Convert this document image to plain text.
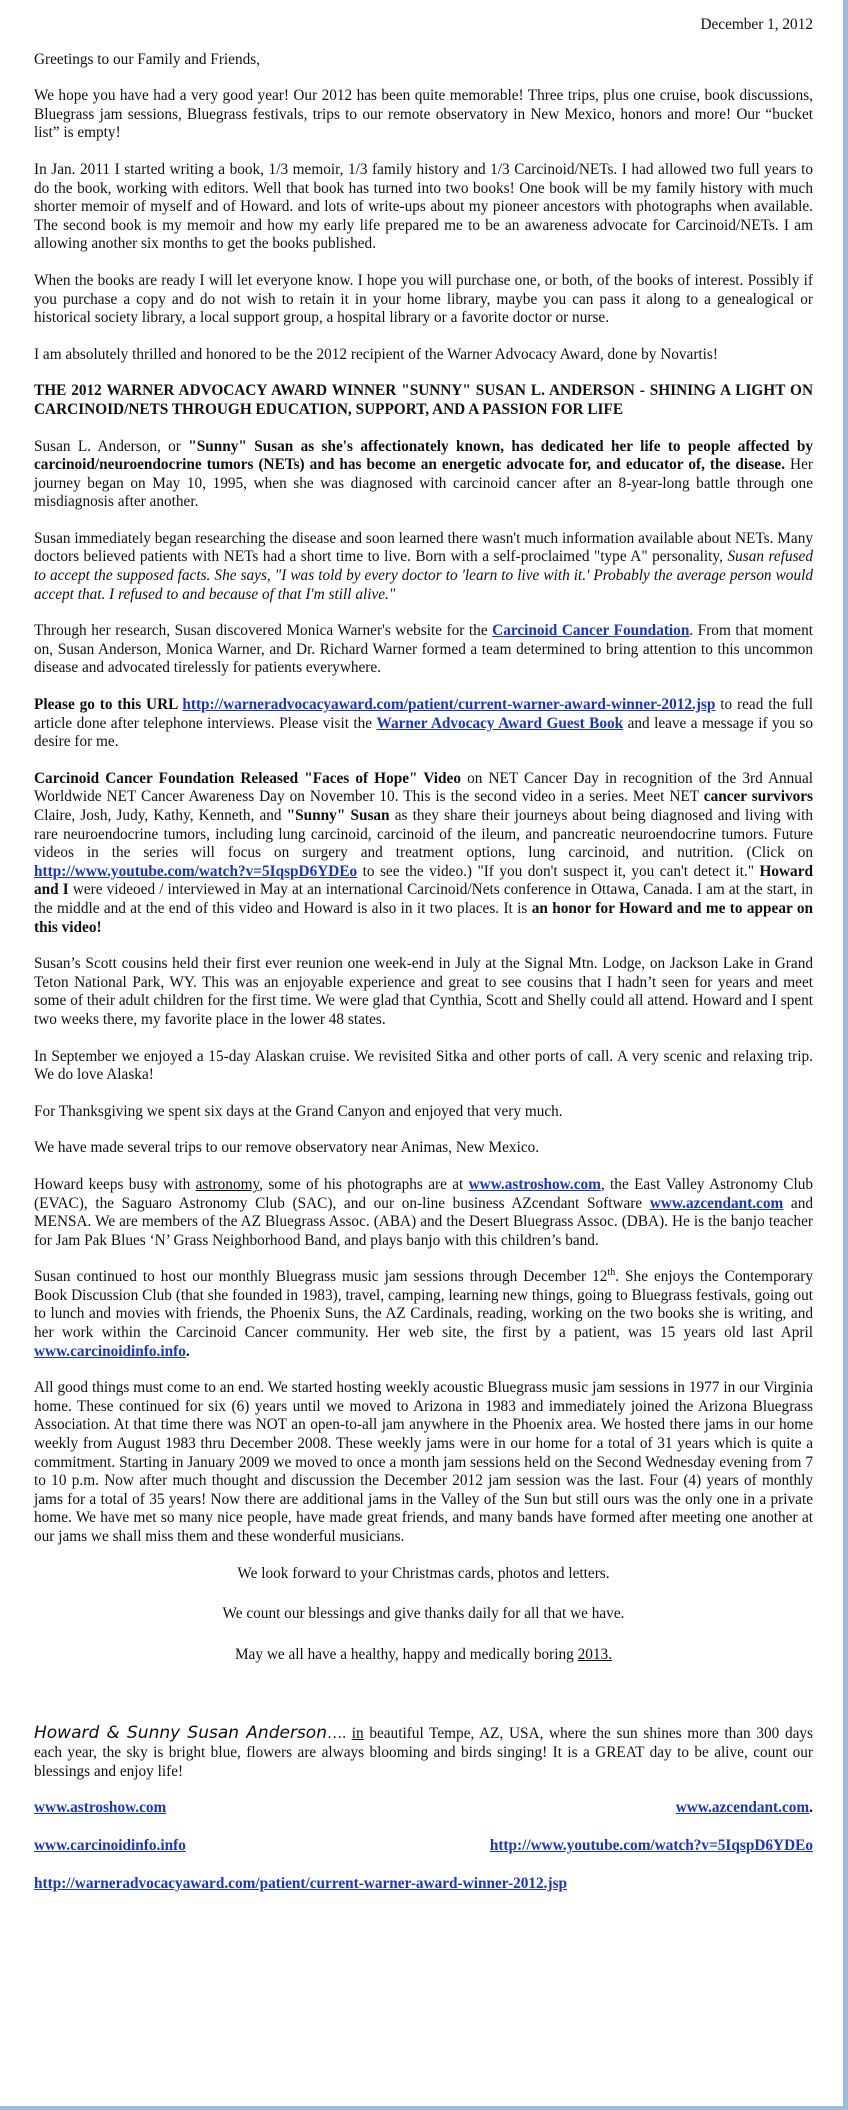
December 1, 2012

Greetings to our Family and Friends,

We hope you have had a very good year! Our 2012 has been quite memorable! Three trips, plus one cruise, book discussions, Bluegrass jam sessions, Bluegrass festivals, trips to our remote observatory in New Mexico, honors and more! Our “bucket list” is empty!

In Jan. 2011 I started writing a book, 1/3 memoir, 1/3 family history and 1/3 Carcinoid/NETs. I had allowed two full years to do the book, working with editors. Well that book has turned into two books! One book will be my family history with much shorter memoir of myself and of Howard. and lots of write-ups about my pioneer ancestors with photographs when available. The second book is my memoir and how my early life prepared me to be an awareness advocate for Carcinoid/NETs. I am allowing another six months to get the books published.

When the books are ready I will let everyone know. I hope you will purchase one, or both, of the books of interest. Possibly if you purchase a copy and do not wish to retain it in your home library, maybe you can pass it along to a genealogical or historical society library, a local support group, a hospital library or a favorite doctor or nurse.

I am absolutely thrilled and honored to be the 2012 recipient of the Warner Advocacy Award, done by Novartis!

THE 2012 WARNER ADVOCACY AWARD WINNER "SUNNY" SUSAN L. ANDERSON - SHINING A LIGHT ON CARCINOID/NETS THROUGH EDUCATION, SUPPORT, AND A PASSION FOR LIFE

Susan L. Anderson, or "Sunny" Susan as she's affectionately known, has dedicated her life to people affected by carcinoid/neuroendocrine tumors (NETs) and has become an energetic advocate for, and educator of, the disease. Her journey began on May 10, 1995, when she was diagnosed with carcinoid cancer after an 8-year-long battle through one misdiagnosis after another.

Susan immediately began researching the disease and soon learned there wasn't much information available about NETs. Many doctors believed patients with NETs had a short time to live. Born with a self-proclaimed "type A" personality, Susan refused to accept the supposed facts. She says, "I was told by every doctor to 'learn to live with it.' Probably the average person would accept that. I refused to and because of that I'm still alive."

Through her research, Susan discovered Monica Warner's website for the Carcinoid Cancer Foundation. From that moment on, Susan Anderson, Monica Warner, and Dr. Richard Warner formed a team determined to bring attention to this uncommon disease and advocated tirelessly for patients everywhere.

Please go to this URL http://warneradvocacyaward.com/patient/current-warner-award-winner-2012.jsp to read the full article done after telephone interviews. Please visit the Warner Advocacy Award Guest Book and leave a message if you so desire for me.

Carcinoid Cancer Foundation Released "Faces of Hope" Video on NET Cancer Day in recognition of the 3rd Annual Worldwide NET Cancer Awareness Day on November 10. This is the second video in a series. Meet NET cancer survivors Claire, Josh, Judy, Kathy, Kenneth, and "Sunny" Susan as they share their journeys about being diagnosed and living with rare neuroendocrine tumors, including lung carcinoid, carcinoid of the ileum, and pancreatic neuroendocrine tumors. Future videos in the series will focus on surgery and treatment options, lung carcinoid, and nutrition. (Click on http://www.youtube.com/watch?v=5IqspD6YDEo to see the video.) "If you don't suspect it, you can't detect it." Howard and I were videoed / interviewed in May at an international Carcinoid/Nets conference in Ottawa, Canada. I am at the start, in the middle and at the end of this video and Howard is also in it two places. It is an honor for Howard and me to appear on this video!

Susan’s Scott cousins held their first ever reunion one week-end in July at the Signal Mtn. Lodge, on Jackson Lake in Grand Teton National Park, WY. This was an enjoyable experience and great to see cousins that I hadn’t seen for years and meet some of their adult children for the first time. We were glad that Cynthia, Scott and Shelly could all attend. Howard and I spent two weeks there, my favorite place in the lower 48 states.

In September we enjoyed a 15-day Alaskan cruise. We revisited Sitka and other ports of call. A very scenic and relaxing trip. We do love Alaska!

For Thanksgiving we spent six days at the Grand Canyon and enjoyed that very much.

We have made several trips to our remove observatory near Animas, New Mexico.

Howard keeps busy with astronomy, some of his photographs are at www.astroshow.com, the East Valley Astronomy Club (EVAC), the Saguaro Astronomy Club (SAC), and our on-line business AZcendant Software www.azcendant.com and MENSA. We are members of the AZ Bluegrass Assoc. (ABA) and the Desert Bluegrass Assoc. (DBA). He is the banjo teacher for Jam Pak Blues ‘N’ Grass Neighborhood Band, and plays banjo with this children’s band.

Susan continued to host our monthly Bluegrass music jam sessions through December 12th. She enjoys the Contemporary Book Discussion Club (that she founded in 1983), travel, camping, learning new things, going to Bluegrass festivals, going out to lunch and movies with friends, the Phoenix Suns, the AZ Cardinals, reading, working on the two books she is writing, and her work within the Carcinoid Cancer community. Her web site, the first by a patient, was 15 years old last April www.carcinoidinfo.info.

All good things must come to an end. We started hosting weekly acoustic Bluegrass music jam sessions in 1977 in our Virginia home. These continued for six (6) years until we moved to Arizona in 1983 and immediately joined the Arizona Bluegrass Association. At that time there was NOT an open-to-all jam anywhere in the Phoenix area. We hosted there jams in our home weekly from August 1983 thru December 2008. These weekly jams were in our home for a total of 31 years which is quite a commitment. Starting in January 2009 we moved to once a month jam sessions held on the Second Wednesday evening from 7 to 10 p.m. Now after much thought and discussion the December 2012 jam session was the last. Four (4) years of monthly jams for a total of 35 years! Now there are additional jams in the Valley of the Sun but still ours was the only one in a private home. We have met so many nice people, have made great friends, and many bands have formed after meeting one another at our jams we shall miss them and these wonderful musicians.

We look forward to your Christmas cards, photos and letters.

We count our blessings and give thanks daily for all that we have.

May we all have a healthy, happy and medically boring 2013.

Howard & Sunny Susan Anderson…. in beautiful Tempe, AZ, USA, where the sun shines more than 300 days each year, the sky is bright blue, flowers are always blooming and birds singing! It is a GREAT day to be alive, count our blessings and enjoy life!

www.astroshow.com	www.azcendant.com.
www.carcinoidinfo.info	http://www.youtube.com/watch?v=5IqspD6YDEo
http://warneradvocacyaward.com/patient/current-warner-award-winner-2012.jsp
